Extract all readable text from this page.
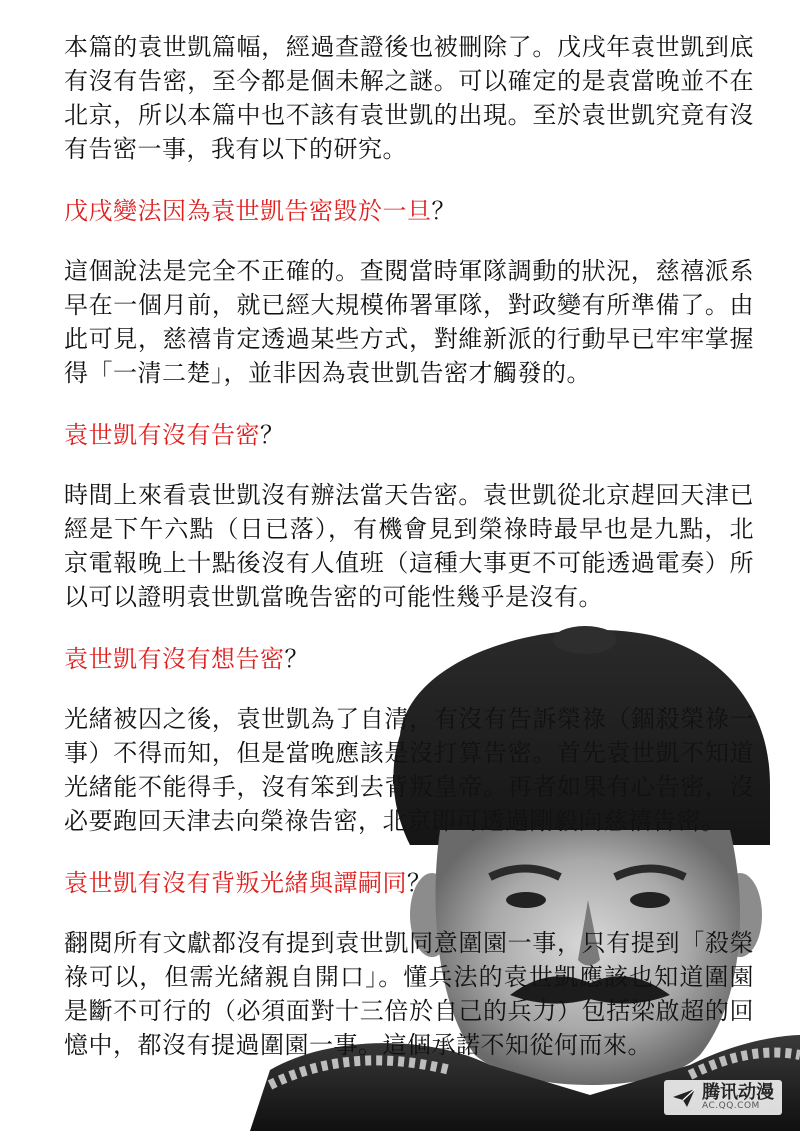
本篇的袁世凱篇幅，經過查證後也被刪除了。戊戌年袁世凱到底有沒有告密，至今都是個未解之謎。可以確定的是袁當晚並不在北京，所以本篇中也不該有袁世凱的出現。至於袁世凱究竟有沒有告密一事，我有以下的研究。

戊戌變法因為袁世凱告密毀於一旦？

這個說法是完全不正確的。查閱當時軍隊調動的狀況，慈禧派系早在一個月前，就已經大規模佈署軍隊，對政變有所準備了。由此可見，慈禧肯定透過某些方式，對維新派的行動早已牢牢掌握得「一清二楚」，並非因為袁世凱告密才觸發的。

袁世凱有沒有告密？

時間上來看袁世凱沒有辦法當天告密。袁世凱從北京趕回天津已經是下午六點（日已落），有機會見到榮祿時最早也是九點，北京電報晚上十點後沒有人值班（這種大事更不可能透過電奏）所以可以證明袁世凱當晚告密的可能性幾乎是沒有。

袁世凱有沒有想告密？

光緒被囚之後，袁世凱為了自清，有沒有告訴榮祿（錮殺榮祿一事）不得而知，但是當晚應該是沒打算告密。首先袁世凱不知道光緒能不能得手，沒有笨到去背叛皇帝。再者如果有心告密，沒必要跑回天津去向榮祿告密，北京即可透過剛毅向慈禧告密。

袁世凱有沒有背叛光緒與譚嗣同？

翻閱所有文獻都沒有提到袁世凱同意圍園一事，只有提到「殺榮祿可以，但需光緒親自開口」。懂兵法的袁世凱應該也知道圍園是斷不可行的（必須面對十三倍於自己的兵力）包括梁啟超的回憶中，都沒有提過圍園一事。這個承諾不知從何而來。

腾讯动漫
AC.QQ.COM
